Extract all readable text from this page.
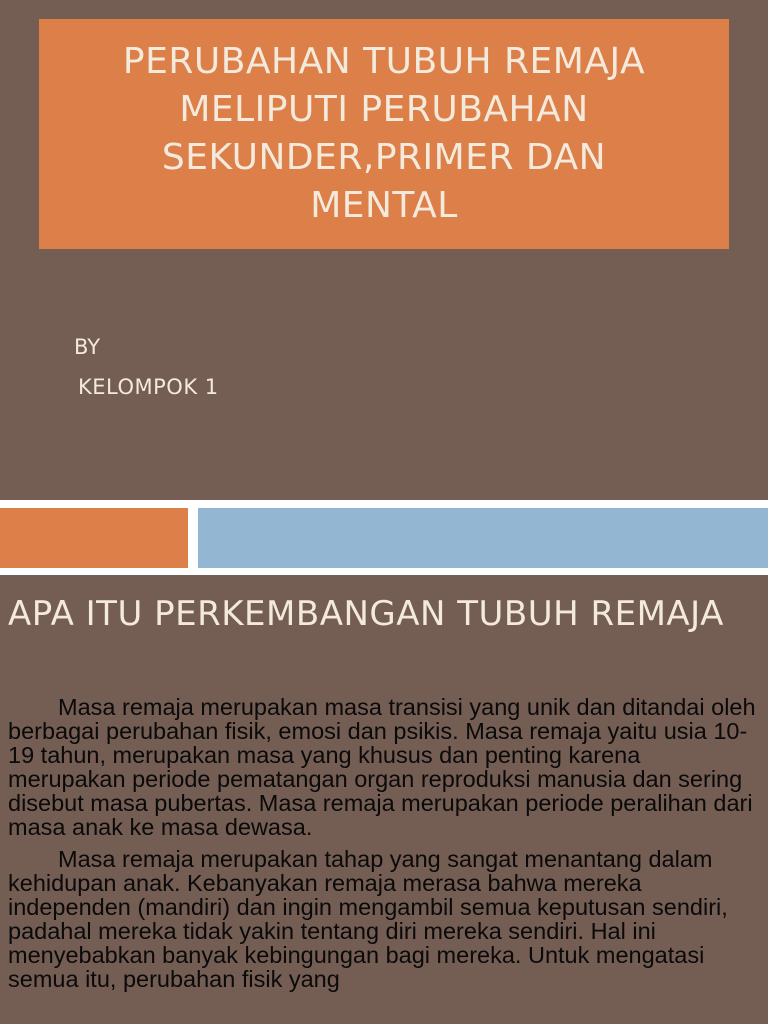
PERUBAHAN TUBUH REMAJA
MELIPUTI PERUBAHAN
SEKUNDER,PRIMER DAN
MENTAL
BY
KELOMPOK 1
APA ITU PERKEMBANGAN TUBUH REMAJA

Masa remaja merupakan masa transisi yang unik dan ditandai oleh berbagai perubahan fisik, emosi dan psikis. Masa remaja yaitu usia 10-19 tahun, merupakan masa yang khusus dan penting karena merupakan periode pematangan organ reproduksi manusia dan sering disebut masa pubertas. Masa remaja merupakan periode peralihan dari masa anak ke masa dewasa.

Masa remaja merupakan tahap yang sangat menantang dalam kehidupan anak. Kebanyakan remaja merasa bahwa mereka independen (mandiri) dan ingin mengambil semua keputusan sendiri, padahal mereka tidak yakin tentang diri mereka sendiri. Hal ini menyebabkan banyak kebingungan bagi mereka. Untuk mengatasi semua itu, perubahan fisik yang
